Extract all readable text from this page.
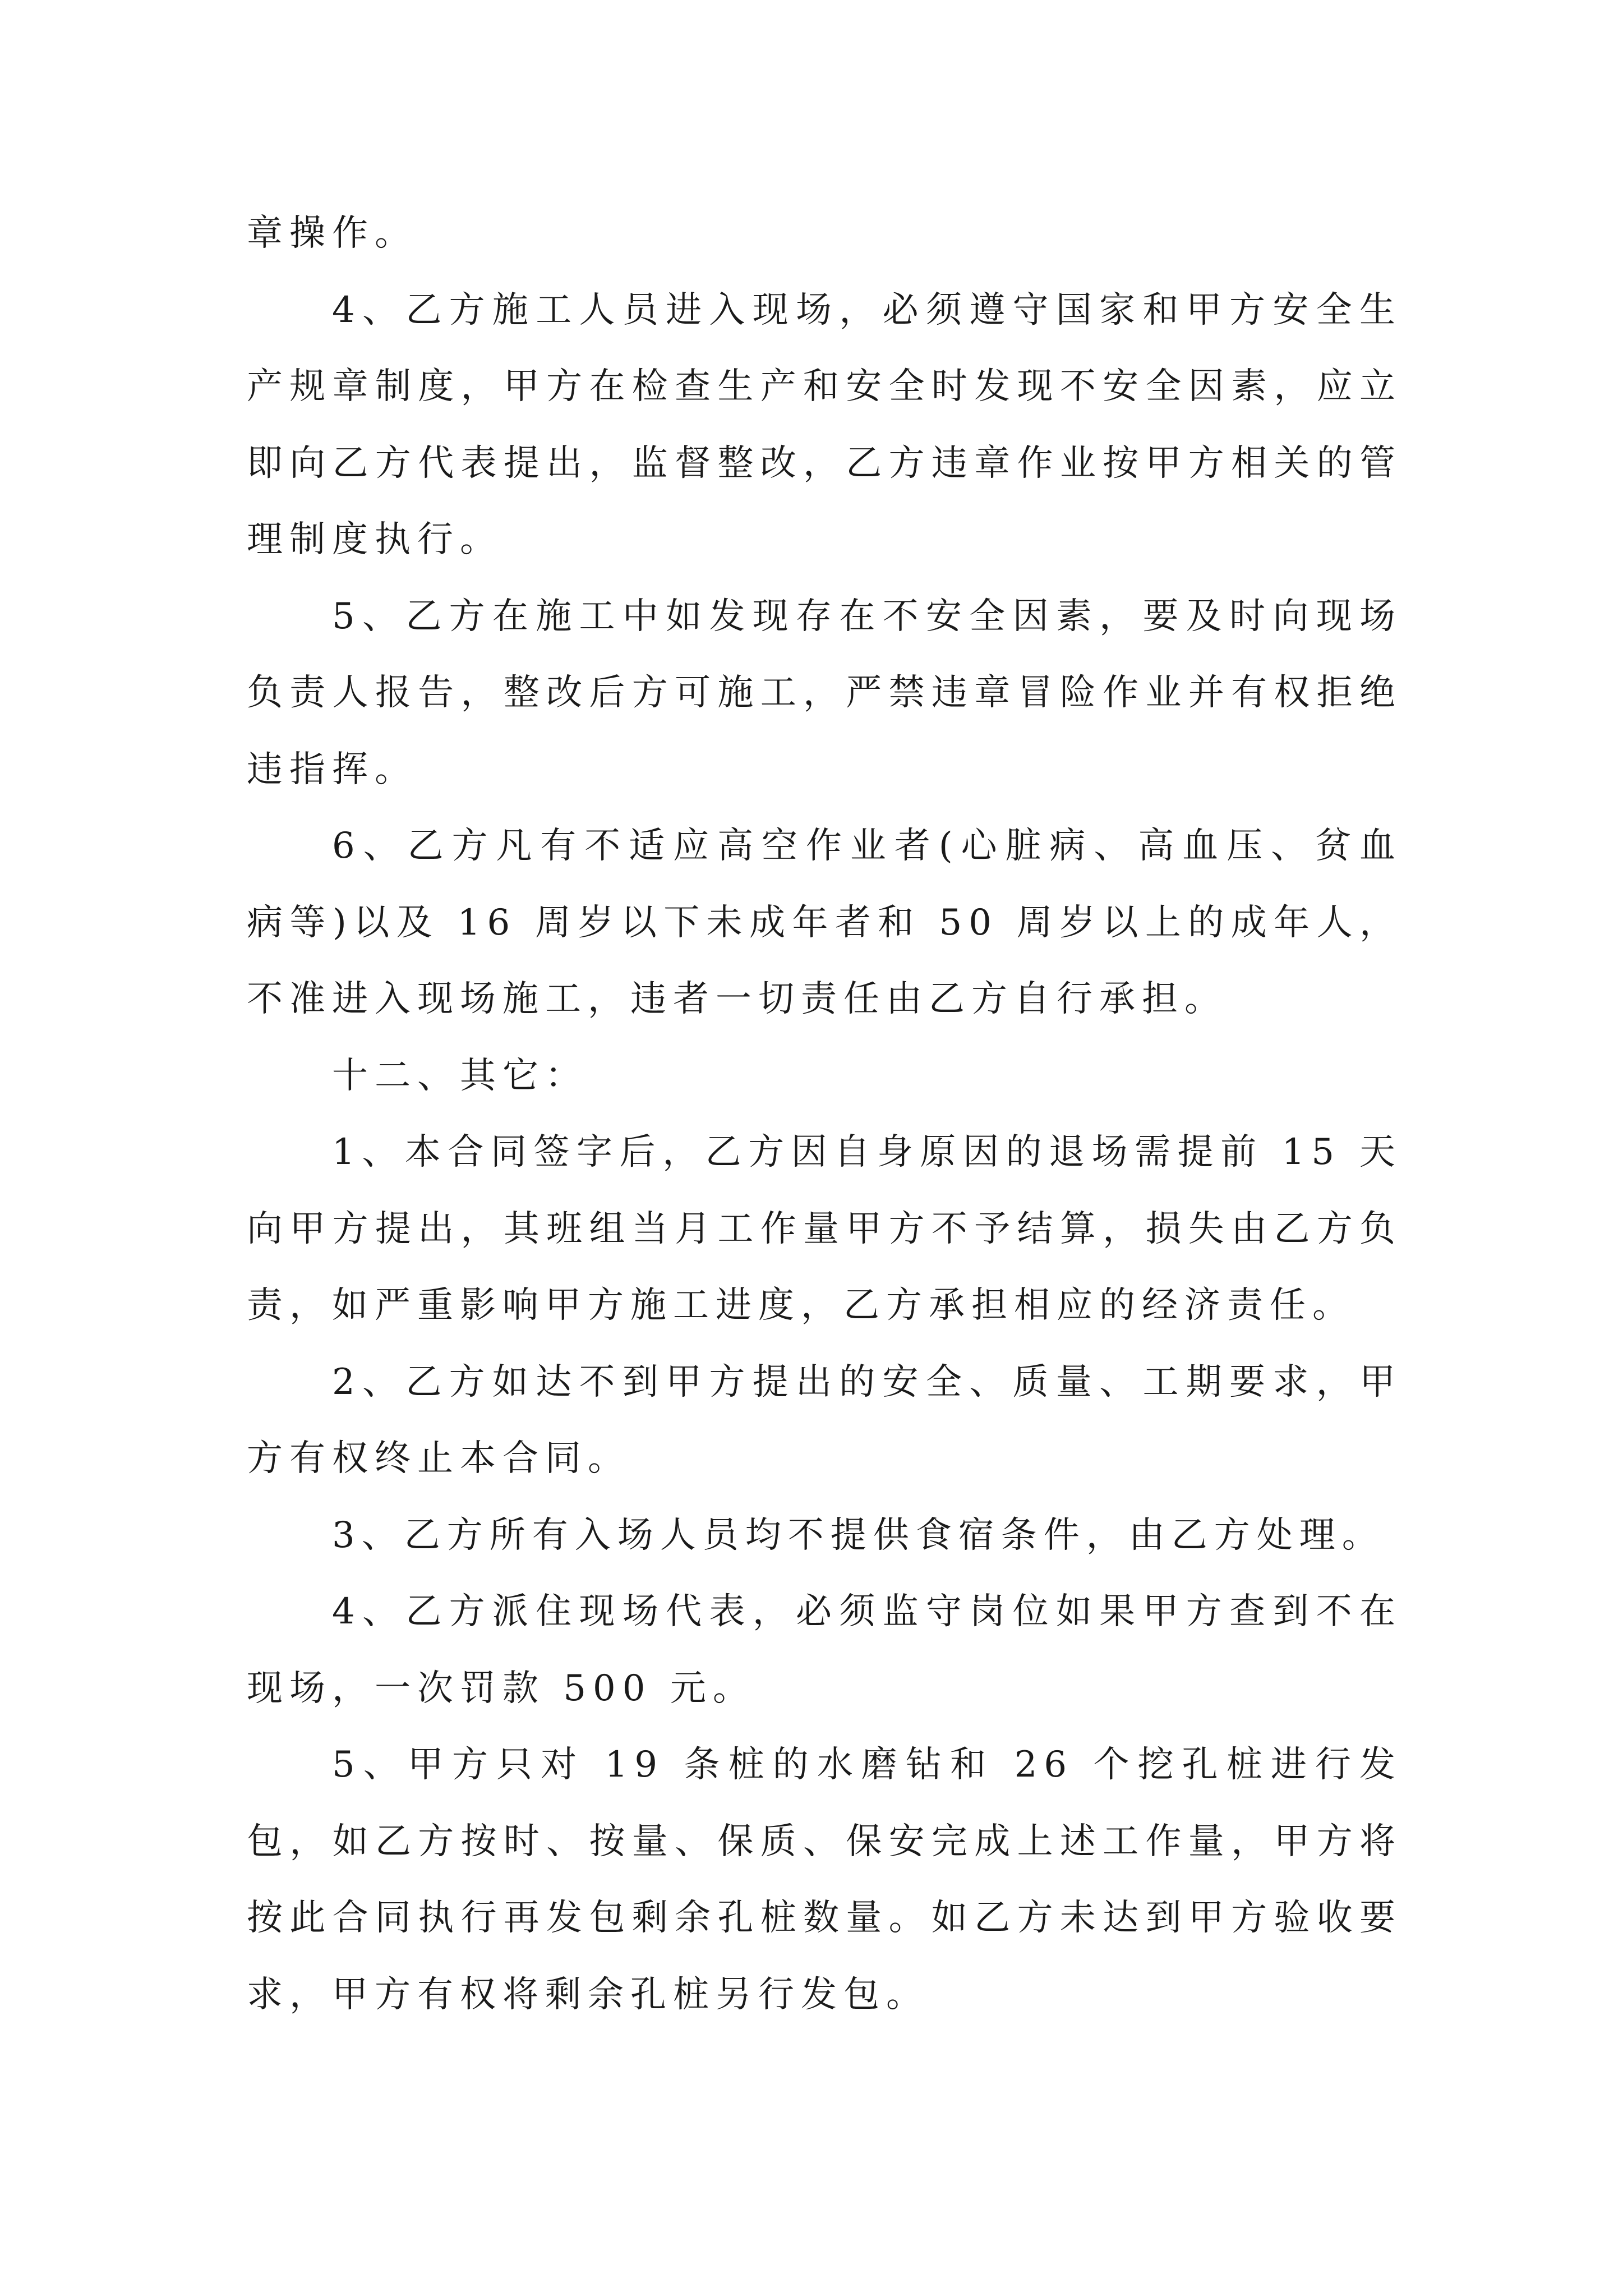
章操作。

4、乙方施工人员进入现场，必须遵守国家和甲方安全生产规章制度，甲方在检查生产和安全时发现不安全因素，应立即向乙方代表提出，监督整改，乙方违章作业按甲方相关的管理制度执行。

5、乙方在施工中如发现存在不安全因素，要及时向现场负责人报告，整改后方可施工，严禁违章冒险作业并有权拒绝违指挥。

6、乙方凡有不适应高空作业者(心脏病、高血压、贫血病等)以及 16 周岁以下未成年者和 50 周岁以上的成年人，不准进入现场施工，违者一切责任由乙方自行承担。

十二、其它：

1、本合同签字后，乙方因自身原因的退场需提前 15 天向甲方提出，其班组当月工作量甲方不予结算，损失由乙方负责，如严重影响甲方施工进度，乙方承担相应的经济责任。

2、乙方如达不到甲方提出的安全、质量、工期要求，甲方有权终止本合同。

3、乙方所有入场人员均不提供食宿条件，由乙方处理。

4、乙方派住现场代表，必须监守岗位如果甲方查到不在现场，一次罚款 500 元。

5、甲方只对 19 条桩的水磨钻和 26 个挖孔桩进行发包，如乙方按时、按量、保质、保安完成上述工作量，甲方将按此合同执行再发包剩余孔桩数量。如乙方未达到甲方验收要求，甲方有权将剩余孔桩另行发包。
